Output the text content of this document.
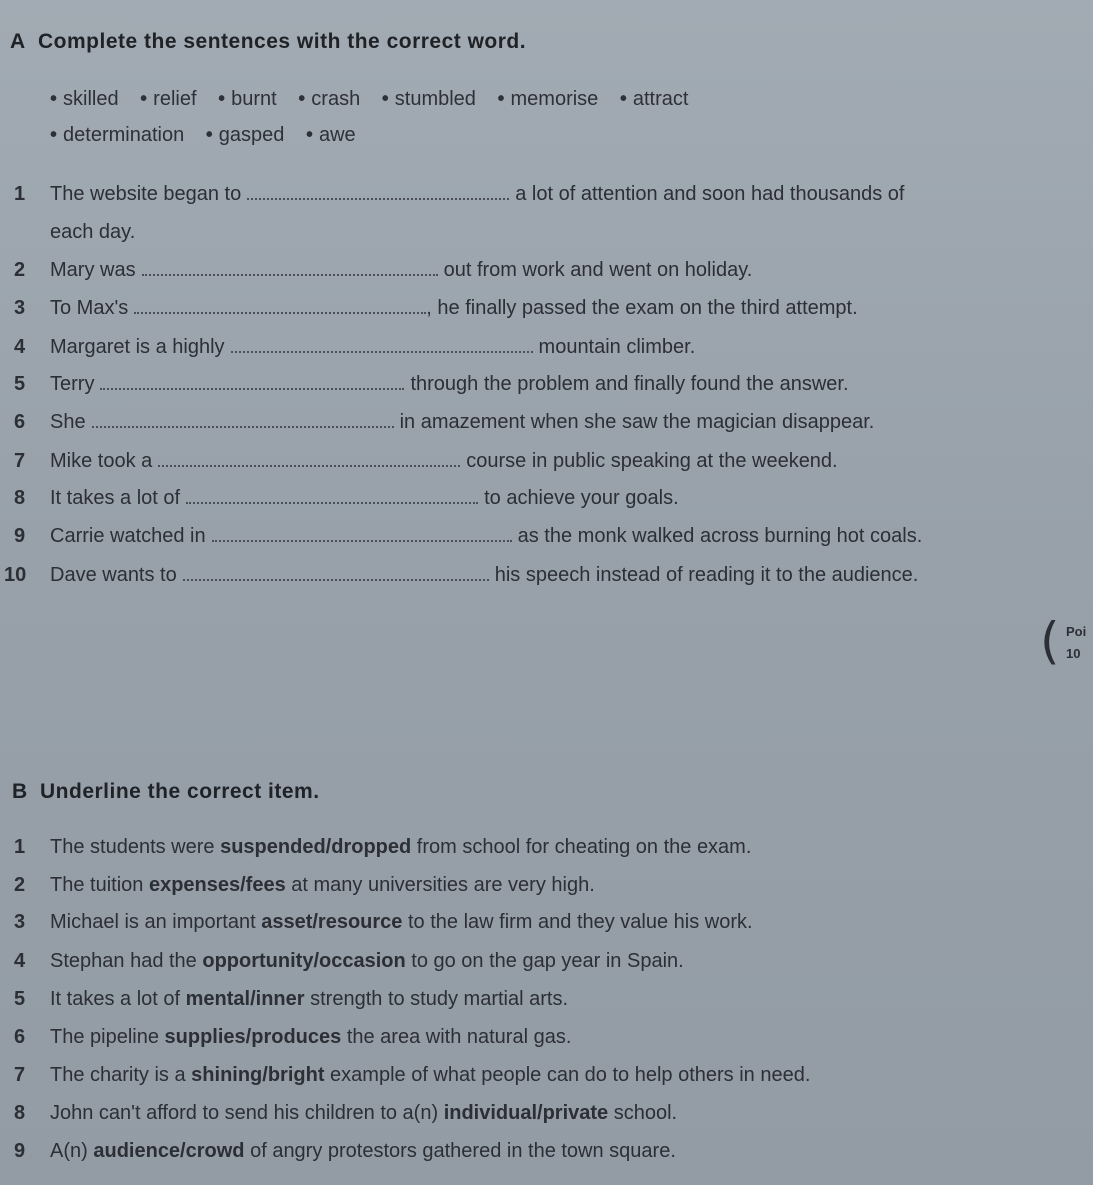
A Complete the sentences with the correct word.
• skilled • relief • burnt • crash • stumbled • memorise • attract
• determination • gasped • awe
1 The website began to	a lot of attention and soon had thousands of
each day.
2 Mary was	out from work and went on holiday.
3 To Max's	, he finally passed the exam on the third attempt.
4 Margaret is a highly	mountain climber.
5 Terry	through the problem and finally found the answer.
6 She	in amazement when she saw the magician disappear.
7 Mike took a	course in public speaking at the weekend.
8 It takes a lot of	to achieve your goals.
9 Carrie watched in	as the monk walked across burning hot coals.
10 Dave wants to	his speech instead of reading it to the audience.
( Poi
10
B Underline the correct item.
1 The students were suspended/dropped from school for cheating on the exam.
2 The tuition expenses/fees at many universities are very high.
3 Michael is an important asset/resource to the law firm and they value his work.
4 Stephan had the opportunity/occasion to go on the gap year in Spain.
5 It takes a lot of mental/inner strength to study martial arts.
6 The pipeline supplies/produces the area with natural gas.
7 The charity is a shining/bright example of what people can do to help others in need.
8 John can't afford to send his children to a(n) individual/private school.
9 A(n) audience/crowd of angry protestors gathered in the town square.
